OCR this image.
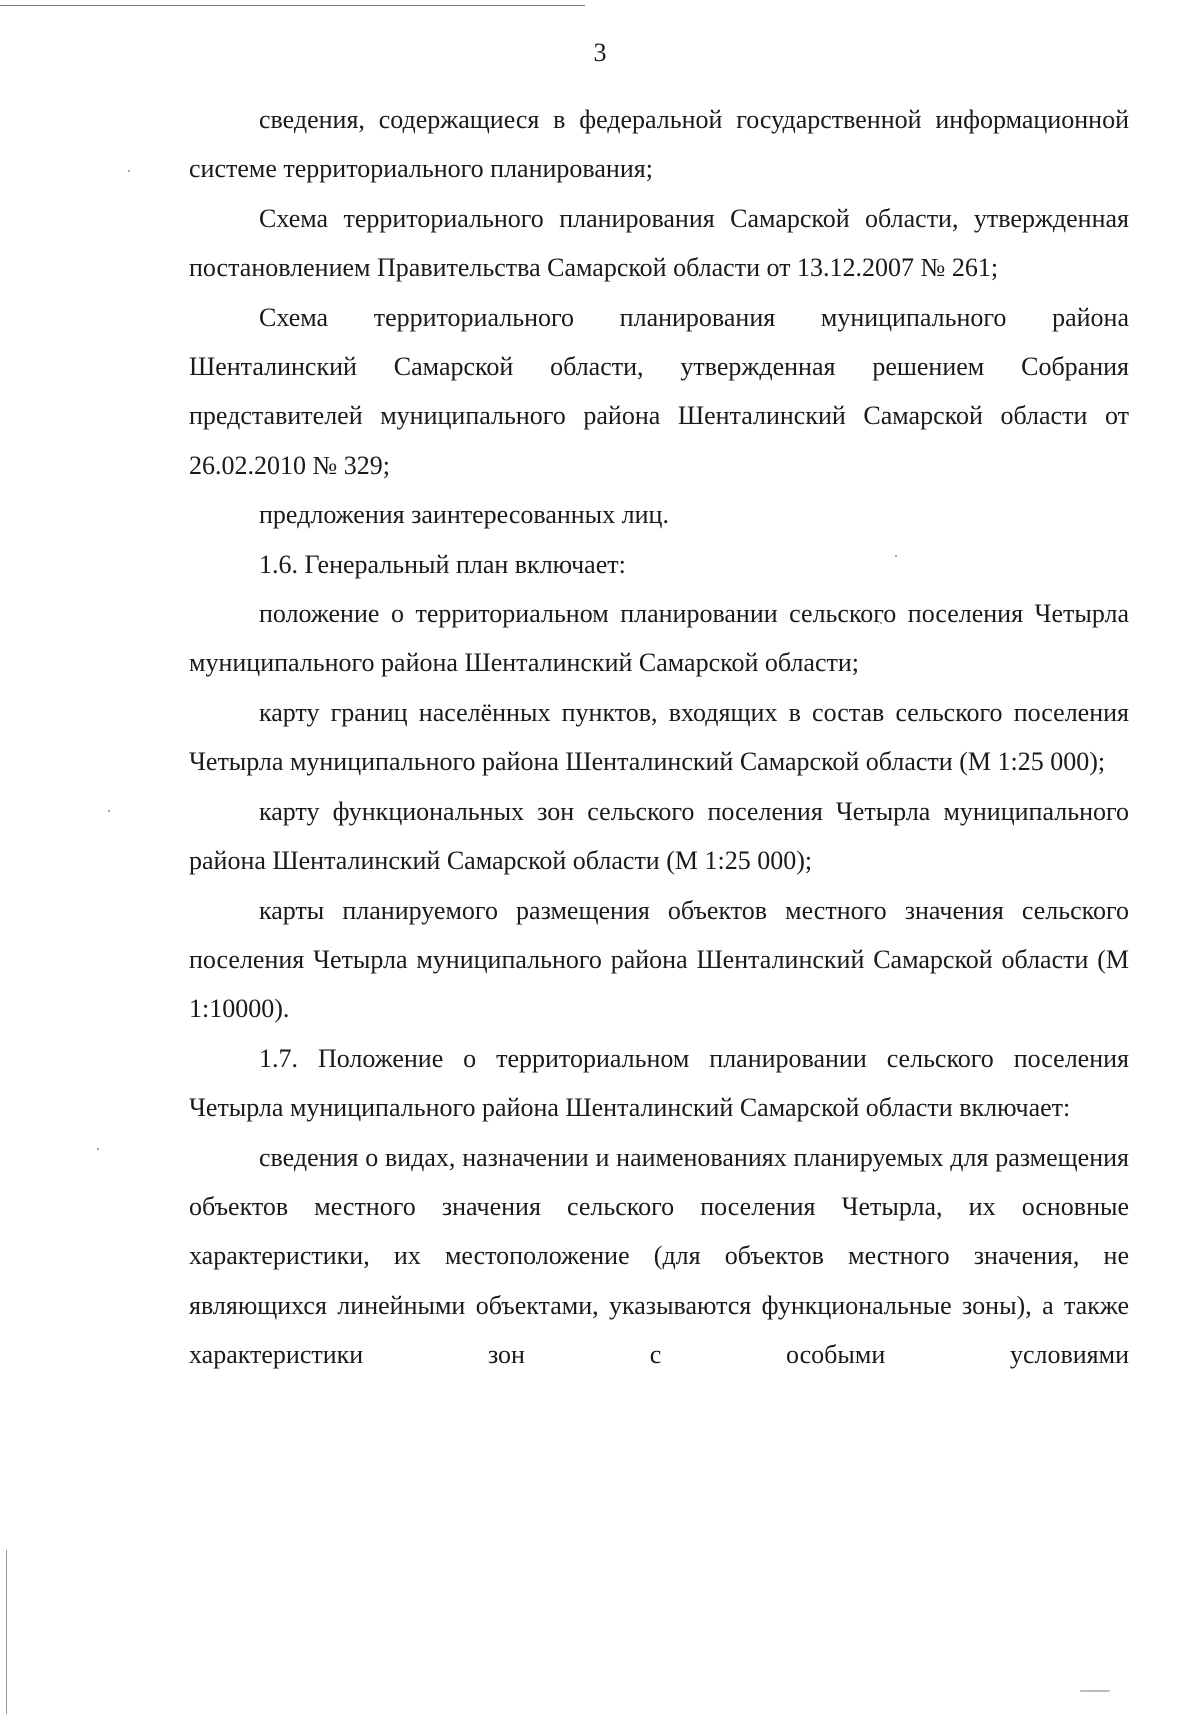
3

сведения, содержащиеся в федеральной государственной информационной системе территориального планирования;

Схема территориального планирования Самарской области, утвержденная постановлением Правительства Самарской области от 13.12.2007 № 261;

Схема территориального планирования муниципального района Шенталинский Самарской области, утвержденная решением Собрания представителей муниципального района Шенталинский Самарской области от 26.02.2010 № 329;

предложения заинтересованных лиц.

1.6. Генеральный план включает:

положение о территориальном планировании сельского поселения Четырла муниципального района Шенталинский Самарской области;

карту границ населённых пунктов, входящих в состав сельского поселения Четырла муниципального района Шенталинский Самарской области (М 1:25 000);

карту функциональных зон сельского поселения Четырла муниципального района Шенталинский Самарской области (М 1:25 000);

карты планируемого размещения объектов местного значения сельского поселения Четырла муниципального района Шенталинский Самарской области (М 1:10000).

1.7. Положение о территориальном планировании сельского поселения Четырла муниципального района Шенталинский Самарской области включает:

сведения о видах, назначении и наименованиях планируемых для размещения объектов местного значения сельского поселения Четырла, их основные характеристики, их местоположение (для объектов местного значения, не являющихся линейными объектами, указываются функциональные зоны), а также характеристики зон с особыми условиями
